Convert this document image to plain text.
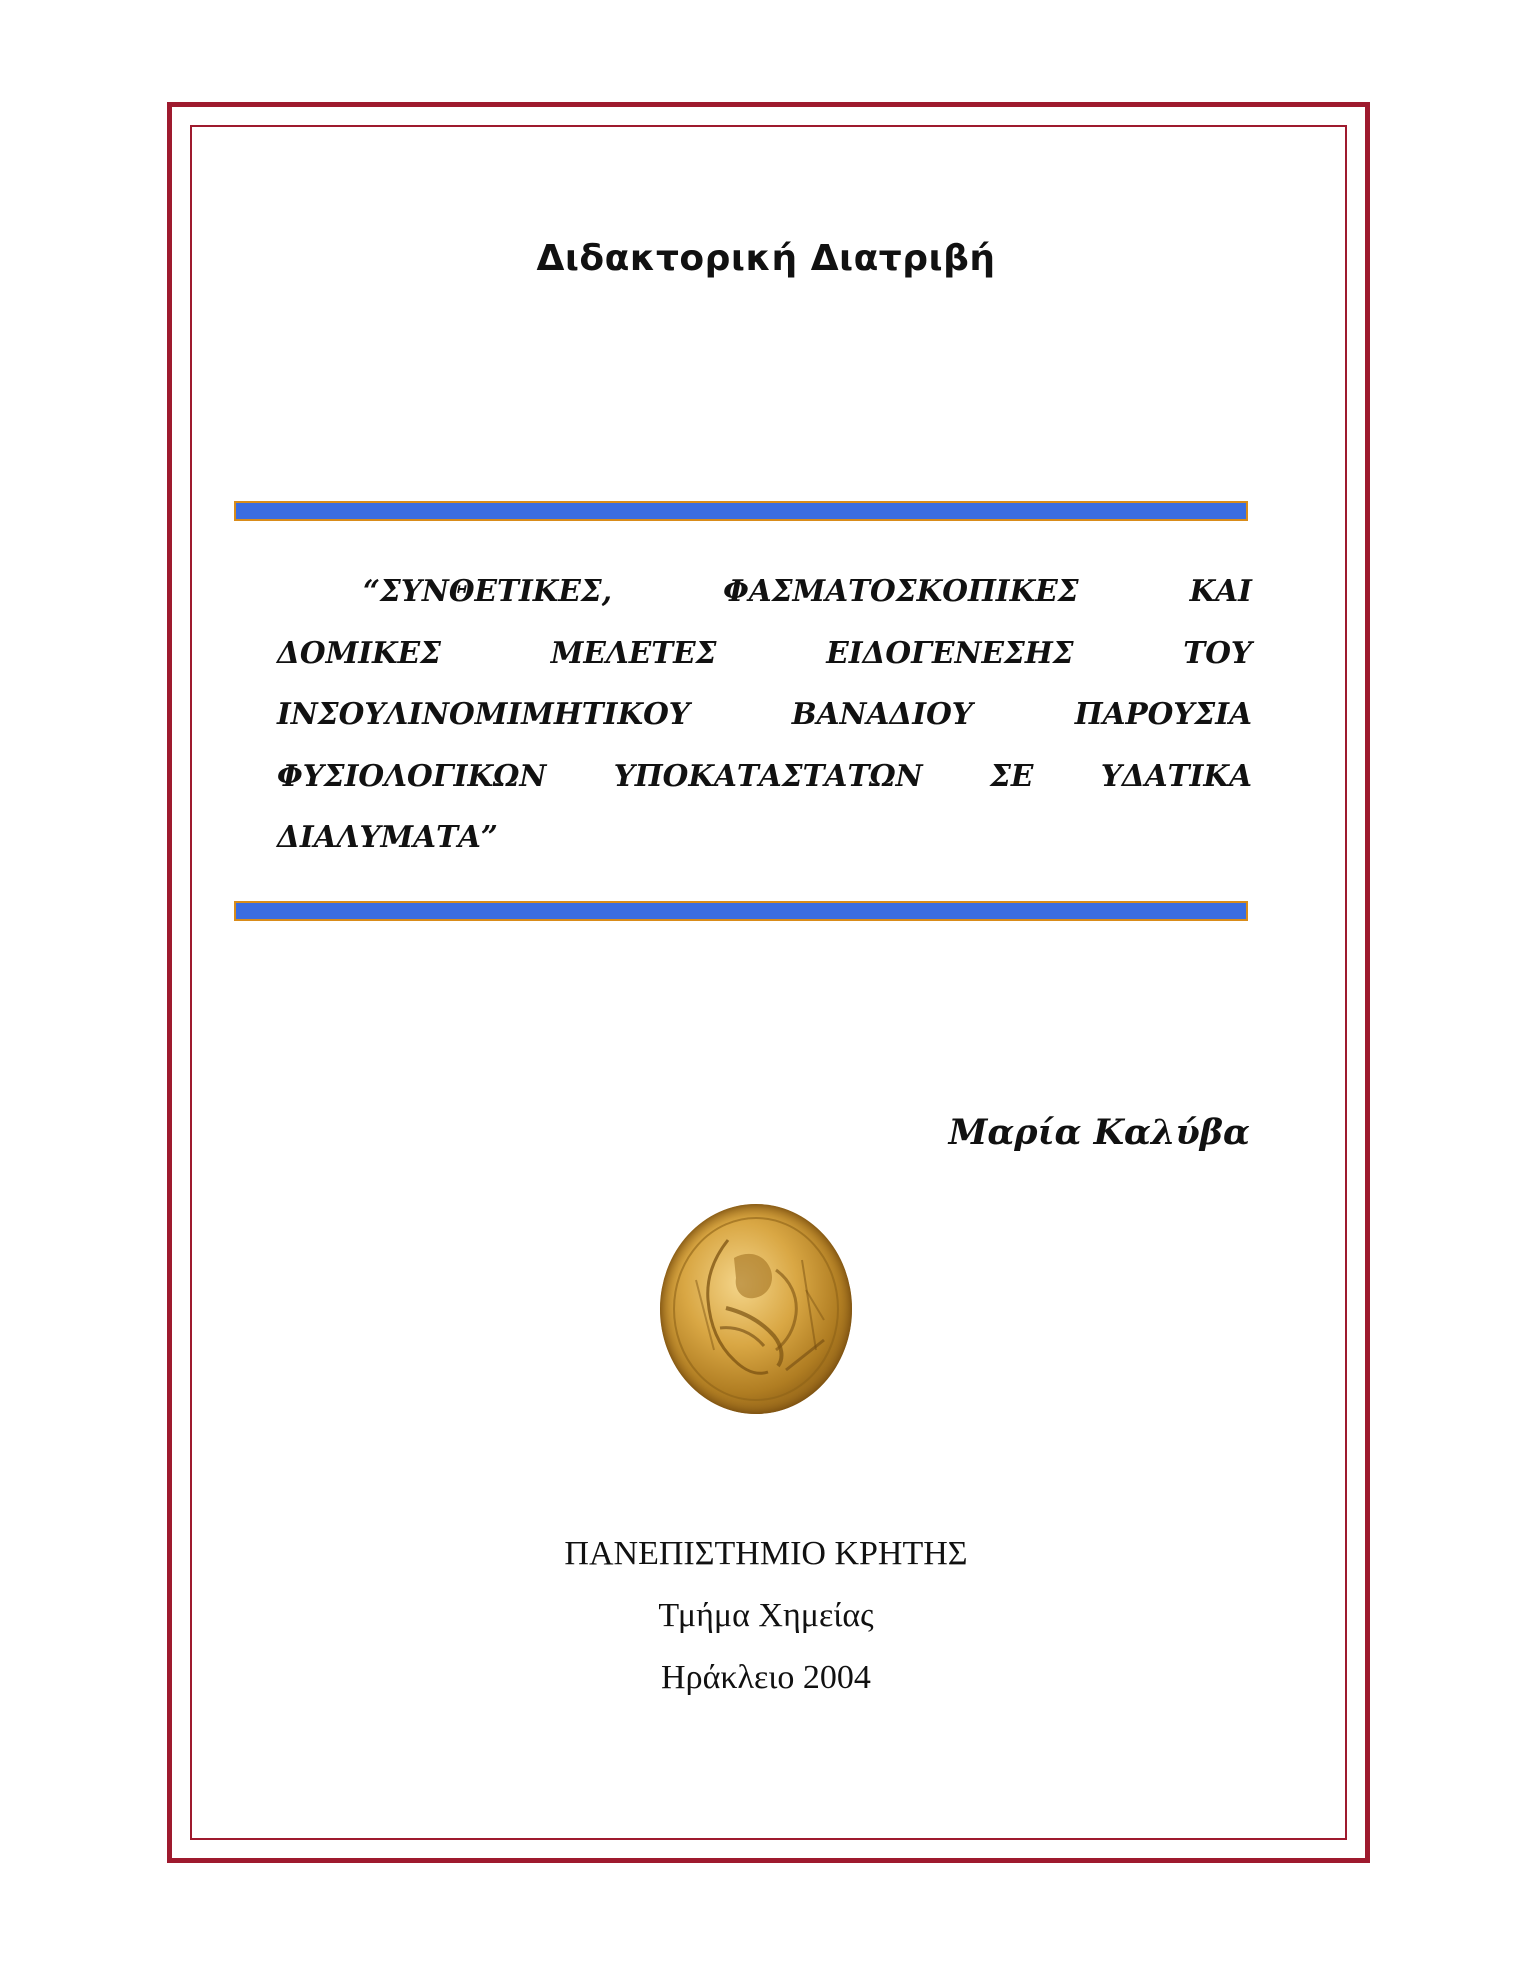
Διδακτορική Διατριβή
“ΣΥΝΘΕΤΙΚΕΣ,	ΦΑΣΜΑΤΟΣΚΟΠΙΚΕΣ	ΚΑΙ
ΔΟΜΙΚΕΣ	ΜΕΛΕΤΕΣ	ΕΙΔΟΓΕΝΕΣΗΣ	ΤΟΥ
ΙΝΣΟΥΛΙΝΟΜΙΜΗΤΙΚΟΥ	ΒΑΝΑΔΙΟΥ	ΠΑΡΟΥΣΙΑ
ΦΥΣΙΟΛΟΓΙΚΩΝ ΥΠΟΚΑΤΑΣΤΑΤΩΝ ΣΕ ΥΔΑΤΙΚΑ
ΔΙΑΛΥΜΑΤΑ”
Μαρία Καλύβα
ΠΑΝΕΠΙΣΤΗΜΙΟ ΚΡΗΤΗΣ
Τμήμα Χημείας
Ηράκλειο 2004
